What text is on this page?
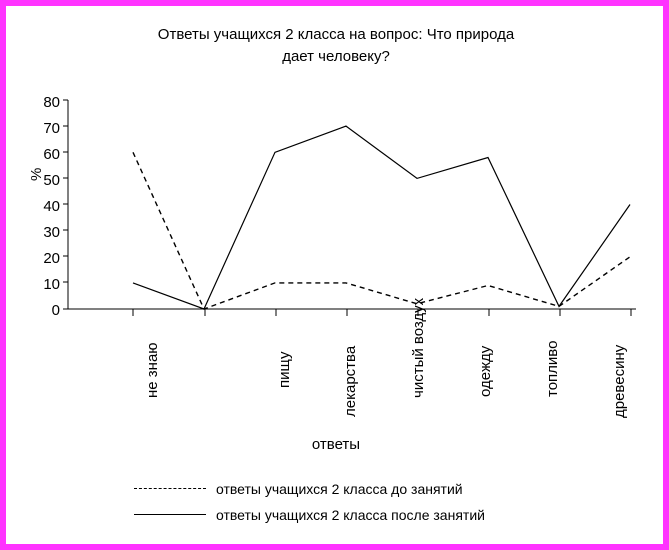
Ответы учащихся 2 класса на вопрос: Что природа
дает человеку?
%
ответы
80
70
60
50
40
30
20
10
0
не знаю	пищу	лекарства	чистый воздух	одежду	топливо	древесину
ответы учащихся 2 класса до занятий
ответы учащихся 2 класса после занятий
